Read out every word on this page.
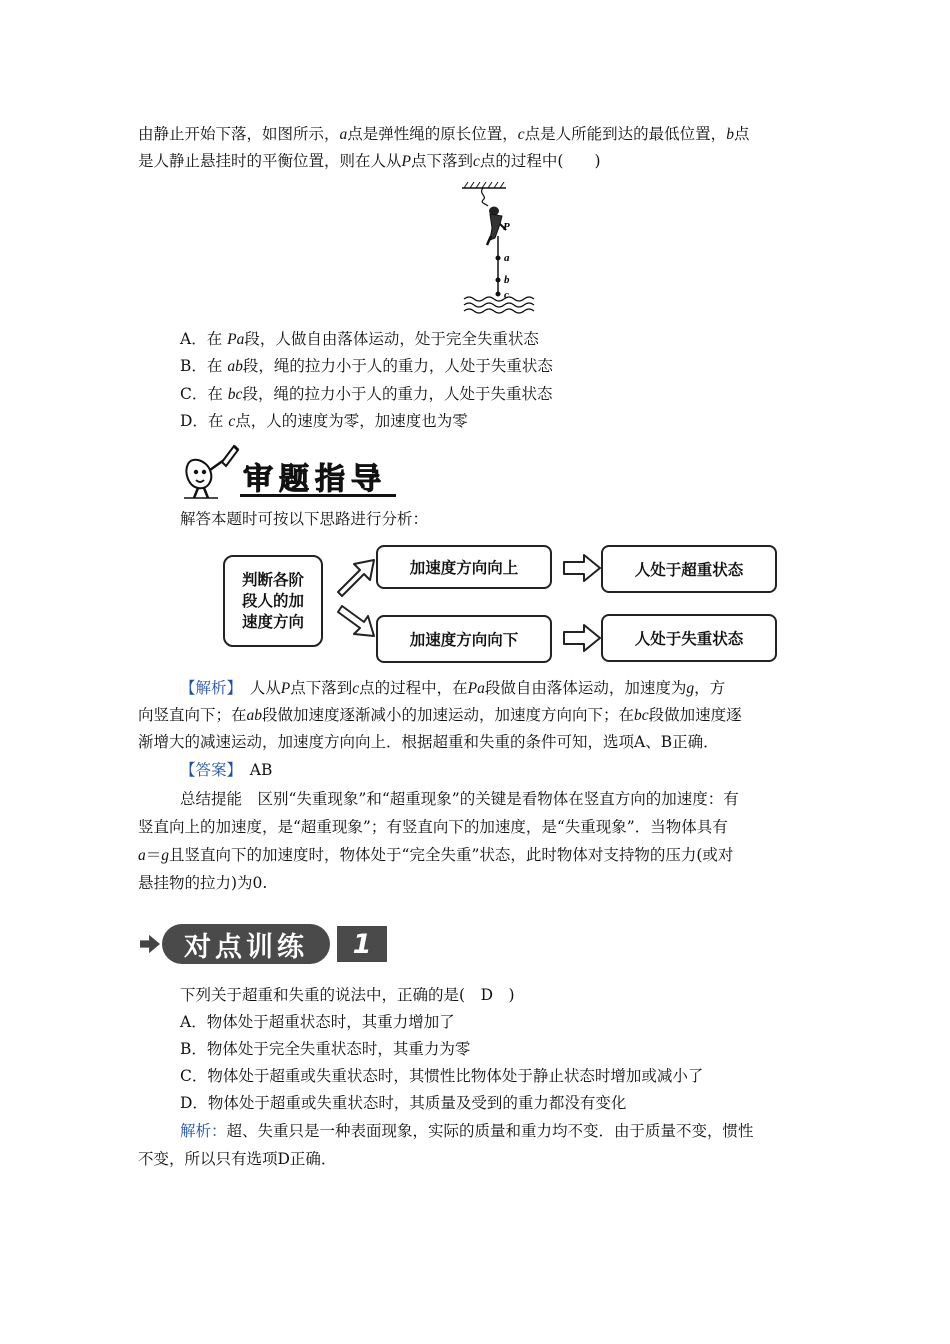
由静止开始下落，如图所示，a点是弹性绳的原长位置，c点是人所能到达的最低位置，b点
是人静止悬挂时的平衡位置，则在人从P点下落到c点的过程中(　　)
P
a
b
c
A．在 Pa段，人做自由落体运动，处于完全失重状态
B．在 ab段，绳的拉力小于人的重力，人处于失重状态
C．在 bc段，绳的拉力小于人的重力，人处于失重状态
D．在 c点，人的速度为零，加速度也为零
审题指导
解答本题时可按以下思路进行分析：
判断各阶
段人的加
速度方向
加速度方向向上	人处于超重状态
加速度方向向下	人处于失重状态
【解析】　人从P点下落到c点的过程中，在Pa段做自由落体运动，加速度为g，方
向竖直向下；在ab段做加速度逐渐减小的加速运动，加速度方向向下；在bc段做加速度逐
渐增大的减速运动，加速度方向向上．根据超重和失重的条件可知，选项A、B正确．
【答案】　 AB
总结提能　区别“失重现象”和“超重现象”的关键是看物体在竖直方向的加速度：有
竖直向上的加速度，是“超重现象”；有竖直向下的加速度，是“失重现象”．当物体具有
a＝g且竖直向下的加速度时，物体处于“完全失重”状态，此时物体对支持物的压力(或对
悬挂物的拉力)为0.
对点训练	1
下列关于超重和失重的说法中，正确的是(　 D　 )
A．物体处于超重状态时，其重力增加了
B．物体处于完全失重状态时，其重力为零
C．物体处于超重或失重状态时，其惯性比物体处于静止状态时增加或减小了
D．物体处于超重或失重状态时，其质量及受到的重力都没有变化
解析：超、失重只是一种表面现象，实际的质量和重力均不变．由于质量不变，惯性
不变，所以只有选项D正确．
